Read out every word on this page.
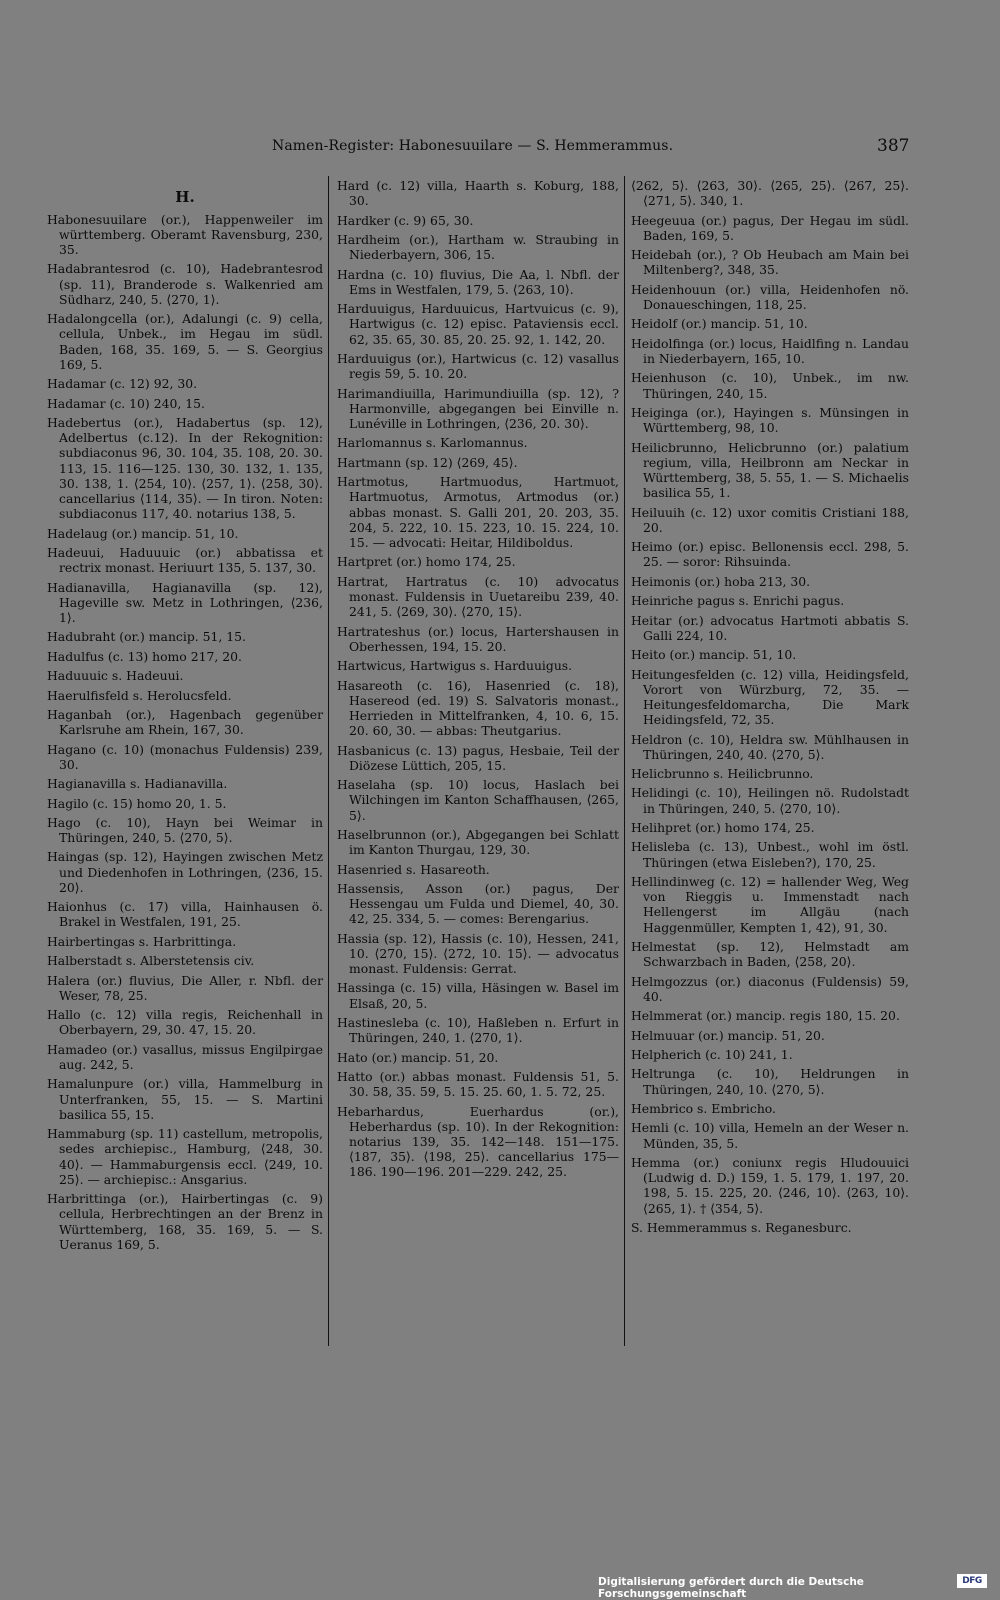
Namen-Register: Habonesuuilare — S. Hemmerammus.	387
H.

Habonesuuilare (or.), Happenweiler im württemberg. Oberamt Ravensburg, 230, 35.

Hadabrantesrod (c. 10), Hadebrantesrod (sp. 11), Branderode s. Walkenried am Südharz, 240, 5. ⟨270, 1⟩.

Hadalongcella (or.), Adalungi (c. 9) cella, cellula, Unbek., im Hegau im südl. Baden, 168, 35. 169, 5. — S. Georgius 169, 5.

Hadamar (c. 12) 92, 30.

Hadamar (c. 10) 240, 15.

Hadebertus (or.), Hadabertus (sp. 12), Adelbertus (c.12). In der Rekognition: subdiaconus 96, 30. 104, 35. 108, 20. 30. 113, 15. 116—125. 130, 30. 132, 1. 135, 30. 138, 1. ⟨254, 10⟩. ⟨257, 1⟩. ⟨258, 30⟩. cancellarius ⟨114, 35⟩. — In tiron. Noten: subdiaconus 117, 40. notarius 138, 5.

Hadelaug (or.) mancip. 51, 10.

Hadeuui, Haduuuic (or.) abbatissa et rectrix monast. Heriuurt 135, 5. 137, 30.

Hadianavilla, Hagianavilla (sp. 12), Hageville sw. Metz in Lothringen, ⟨236, 1⟩.

Hadubraht (or.) mancip. 51, 15.

Hadulfus (c. 13) homo 217, 20.

Haduuuic s. Hadeuui.

Haerulfisfeld s. Herolucsfeld.

Haganbah (or.), Hagenbach gegenüber Karlsruhe am Rhein, 167, 30.

Hagano (c. 10) (monachus Fuldensis) 239, 30.

Hagianavilla s. Hadianavilla.

Hagilo (c. 15) homo 20, 1. 5.

Hago (c. 10), Hayn bei Weimar in Thüringen, 240, 5. ⟨270, 5⟩.

Haingas (sp. 12), Hayingen zwischen Metz und Diedenhofen in Lothringen, ⟨236, 15. 20⟩.

Haionhus (c. 17) villa, Hainhausen ö. Brakel in Westfalen, 191, 25.

Hairbertingas s. Harbrittinga.

Halberstadt s. Alberstetensis civ.

Halera (or.) fluvius, Die Aller, r. Nbfl. der Weser, 78, 25.

Hallo (c. 12) villa regis, Reichenhall in Oberbayern, 29, 30. 47, 15. 20.

Hamadeo (or.) vasallus, missus Engilpirgae aug. 242, 5.

Hamalunpure (or.) villa, Hammelburg in Unterfranken, 55, 15. — S. Martini basilica 55, 15.

Hammaburg (sp. 11) castellum, metropolis, sedes archiepisc., Hamburg, ⟨248, 30. 40⟩. — Hammaburgensis eccl. ⟨249, 10. 25⟩. — archiepisc.: Ansgarius.

Harbrittinga (or.), Hairbertingas (c. 9) cellula, Herbrechtingen an der Brenz in Württemberg, 168, 35. 169, 5. — S. Ueranus 169, 5.

Hard (c. 12) villa, Haarth s. Koburg, 188, 30.

Hardker (c. 9) 65, 30.

Hardheim (or.), Hartham w. Straubing in Niederbayern, 306, 15.

Hardna (c. 10) fluvius, Die Aa, l. Nbfl. der Ems in Westfalen, 179, 5. ⟨263, 10⟩.

Harduuigus, Harduuicus, Hartvuicus (c. 9), Hartwigus (c. 12) episc. Pataviensis eccl. 62, 35. 65, 30. 85, 20. 25. 92, 1. 142, 20.

Harduuigus (or.), Hartwicus (c. 12) vasallus regis 59, 5. 10. 20.

Harimandiuilla, Harimundiuilla (sp. 12), ? Harmonville, abgegangen bei Einville n. Lunéville in Lothringen, ⟨236, 20. 30⟩.

Harlomannus s. Karlomannus.

Hartmann (sp. 12) ⟨269, 45⟩.

Hartmotus, Hartmuodus, Hartmuot, Hartmuotus, Armotus, Artmodus (or.) abbas monast. S. Galli 201, 20. 203, 35. 204, 5. 222, 10. 15. 223, 10. 15. 224, 10. 15. — advocati: Heitar, Hildiboldus.

Hartpret (or.) homo 174, 25.

Hartrat, Hartratus (c. 10) advocatus monast. Fuldensis in Uuetareibu 239, 40. 241, 5. ⟨269, 30⟩. ⟨270, 15⟩.

Hartrateshus (or.) locus, Hartershausen in Oberhessen, 194, 15. 20.

Hartwicus, Hartwigus s. Harduuigus.

Hasareoth (c. 16), Hasenried (c. 18), Hasereod (ed. 19) S. Salvatoris monast., Herrieden in Mittelfranken, 4, 10. 6, 15. 20. 60, 30. — abbas: Theutgarius.

Hasbanicus (c. 13) pagus, Hesbaie, Teil der Diözese Lüttich, 205, 15.

Haselaha (sp. 10) locus, Haslach bei Wilchingen im Kanton Schaffhausen, ⟨265, 5⟩.

Haselbrunnon (or.), Abgegangen bei Schlatt im Kanton Thurgau, 129, 30.

Hasenried s. Hasareoth.

Hassensis, Asson (or.) pagus, Der Hessengau um Fulda und Diemel, 40, 30. 42, 25. 334, 5. — comes: Berengarius.

Hassia (sp. 12), Hassis (c. 10), Hessen, 241, 10. ⟨270, 15⟩. ⟨272, 10. 15⟩. — advocatus monast. Fuldensis: Gerrat.

Hassinga (c. 15) villa, Häsingen w. Basel im Elsaß, 20, 5.

Hastinesleba (c. 10), Haßleben n. Erfurt in Thüringen, 240, 1. ⟨270, 1⟩.

Hato (or.) mancip. 51, 20.

Hatto (or.) abbas monast. Fuldensis 51, 5. 30. 58, 35. 59, 5. 15. 25. 60, 1. 5. 72, 25.

Hebarhardus, Euerhardus (or.), Heberhardus (sp. 10). In der Rekognition: notarius 139, 35. 142—148. 151—175. ⟨187, 35⟩. ⟨198, 25⟩. cancellarius 175—186. 190—196. 201—229. 242, 25.

⟨262, 5⟩. ⟨263, 30⟩. ⟨265, 25⟩. ⟨267, 25⟩. ⟨271, 5⟩. 340, 1.

Heegeuua (or.) pagus, Der Hegau im südl. Baden, 169, 5.

Heidebah (or.), ? Ob Heubach am Main bei Miltenberg?, 348, 35.

Heidenhouun (or.) villa, Heidenhofen nö. Donaueschingen, 118, 25.

Heidolf (or.) mancip. 51, 10.

Heidolfinga (or.) locus, Haidlfing n. Landau in Niederbayern, 165, 10.

Heienhuson (c. 10), Unbek., im nw. Thüringen, 240, 15.

Heiginga (or.), Hayingen s. Münsingen in Württemberg, 98, 10.

Heilicbrunno, Helicbrunno (or.) palatium regium, villa, Heilbronn am Neckar in Württemberg, 38, 5. 55, 1. — S. Michaelis basilica 55, 1.

Heiluuih (c. 12) uxor comitis Cristiani 188, 20.

Heimo (or.) episc. Bellonensis eccl. 298, 5. 25. — soror: Rihsuinda.

Heimonis (or.) hoba 213, 30.

Heinriche pagus s. Enrichi pagus.

Heitar (or.) advocatus Hartmoti abbatis S. Galli 224, 10.

Heito (or.) mancip. 51, 10.

Heitungesfelden (c. 12) villa, Heidingsfeld, Vorort von Würzburg, 72, 35. — Heitungesfeldomarcha, Die Mark Heidingsfeld, 72, 35.

Heldron (c. 10), Heldra sw. Mühlhausen in Thüringen, 240, 40. ⟨270, 5⟩.

Helicbrunno s. Heilicbrunno.

Helidingi (c. 10), Heilingen nö. Rudolstadt in Thüringen, 240, 5. ⟨270, 10⟩.

Helihpret (or.) homo 174, 25.

Helisleba (c. 13), Unbest., wohl im östl. Thüringen (etwa Eisleben?), 170, 25.

Hellindinweg (c. 12) = hallender Weg, Weg von Rieggis u. Immenstadt nach Hellengerst im Allgäu (nach Haggenmüller, Kempten 1, 42), 91, 30.

Helmestat (sp. 12), Helmstadt am Schwarzbach in Baden, ⟨258, 20⟩.

Helmgozzus (or.) diaconus (Fuldensis) 59, 40.

Helmmerat (or.) mancip. regis 180, 15. 20.

Helmuuar (or.) mancip. 51, 20.

Helpherich (c. 10) 241, 1.

Heltrunga (c. 10), Heldrungen in Thüringen, 240, 10. ⟨270, 5⟩.

Hembrico s. Embricho.

Hemli (c. 10) villa, Hemeln an der Weser n. Münden, 35, 5.

Hemma (or.) coniunx regis Hludouuici (Ludwig d. D.) 159, 1. 5. 179, 1. 197, 20. 198, 5. 15. 225, 20. ⟨246, 10⟩. ⟨263, 10⟩. ⟨265, 1⟩. † ⟨354, 5⟩.

S. Hemmerammus s. Reganesburc.

Digitalisierung gefördert durch die Deutsche Forschungsgemeinschaft
DFG
